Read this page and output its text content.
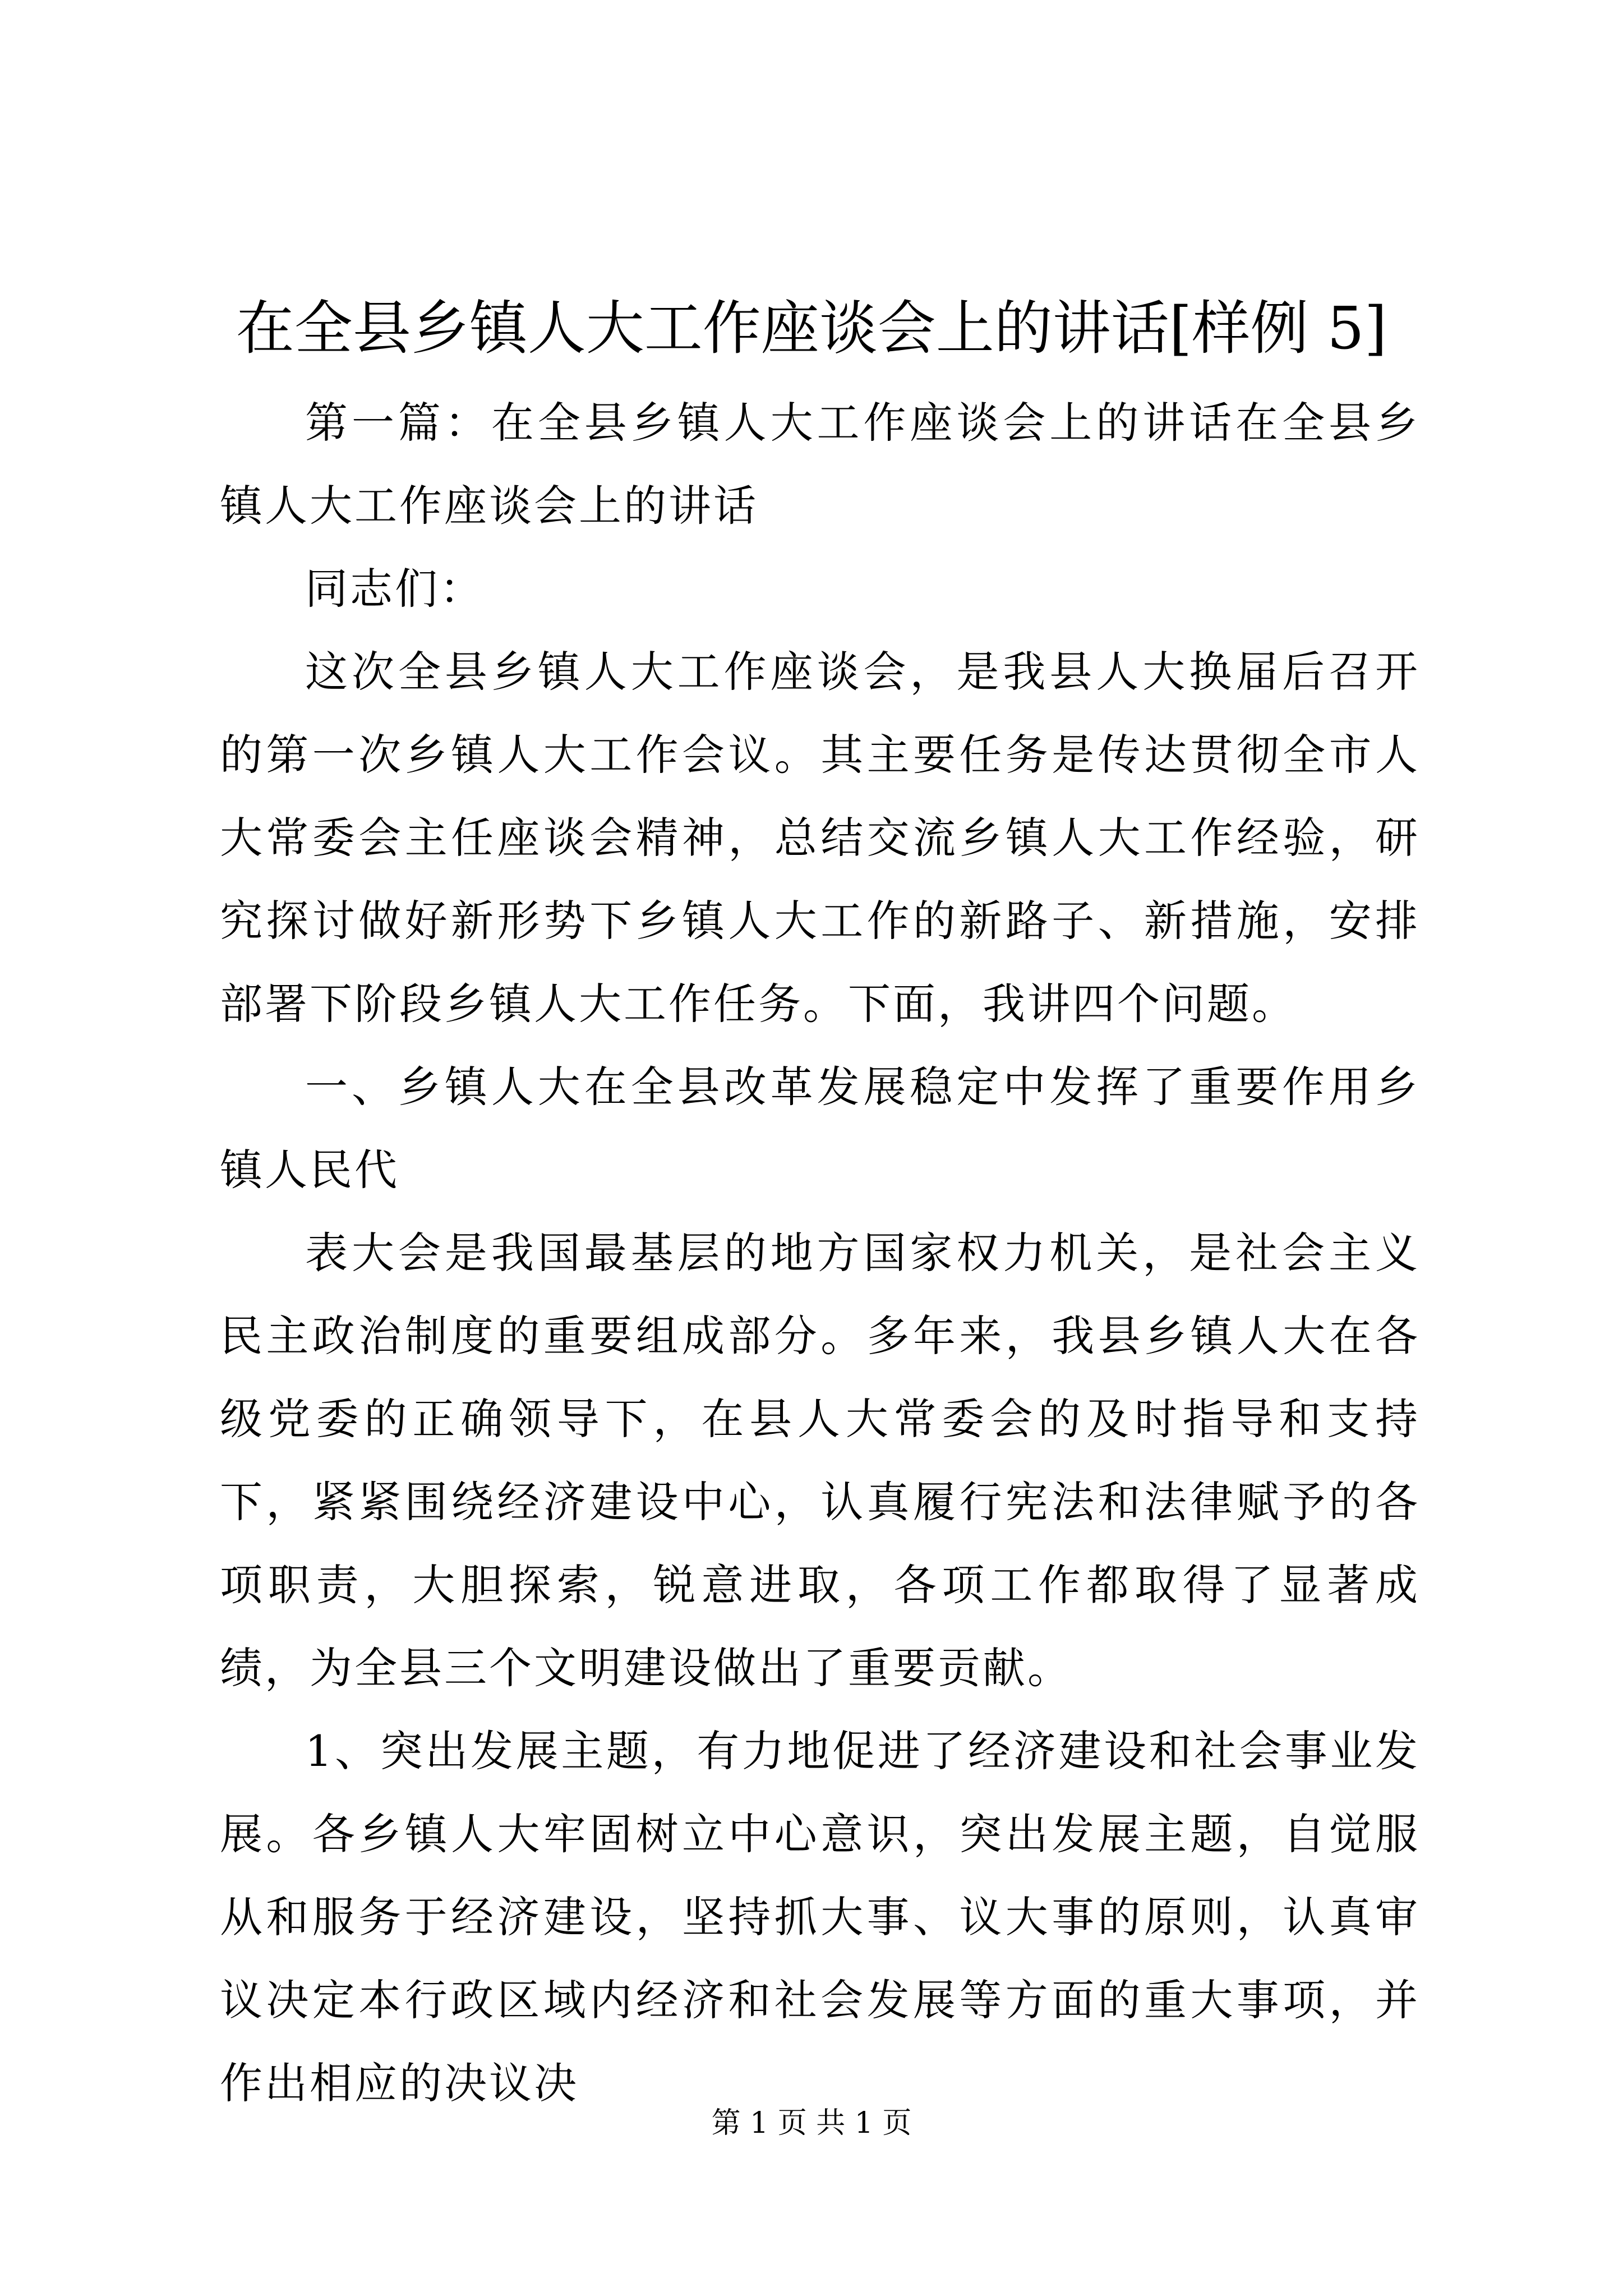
在全县乡镇人大工作座谈会上的讲话[样例 5]

第一篇：在全县乡镇人大工作座谈会上的讲话在全县乡镇人大工作座谈会上的讲话

同志们：

这次全县乡镇人大工作座谈会，是我县人大换届后召开的第一次乡镇人大工作会议。其主要任务是传达贯彻全市人大常委会主任座谈会精神，总结交流乡镇人大工作经验，研究探讨做好新形势下乡镇人大工作的新路子、新措施，安排部署下阶段乡镇人大工作任务。下面，我讲四个问题。

一、乡镇人大在全县改革发展稳定中发挥了重要作用乡镇人民代

表大会是我国最基层的地方国家权力机关，是社会主义民主政治制度的重要组成部分。多年来，我县乡镇人大在各级党委的正确领导下，在县人大常委会的及时指导和支持下，紧紧围绕经济建设中心，认真履行宪法和法律赋予的各项职责，大胆探索，锐意进取，各项工作都取得了显著成绩，为全县三个文明建设做出了重要贡献。

1、突出发展主题，有力地促进了经济建设和社会事业发展。各乡镇人大牢固树立中心意识，突出发展主题，自觉服从和服务于经济建设，坚持抓大事、议大事的原则，认真审议决定本行政区域内经济和社会发展等方面的重大事项，并作出相应的决议决

第 1 页 共 1 页
